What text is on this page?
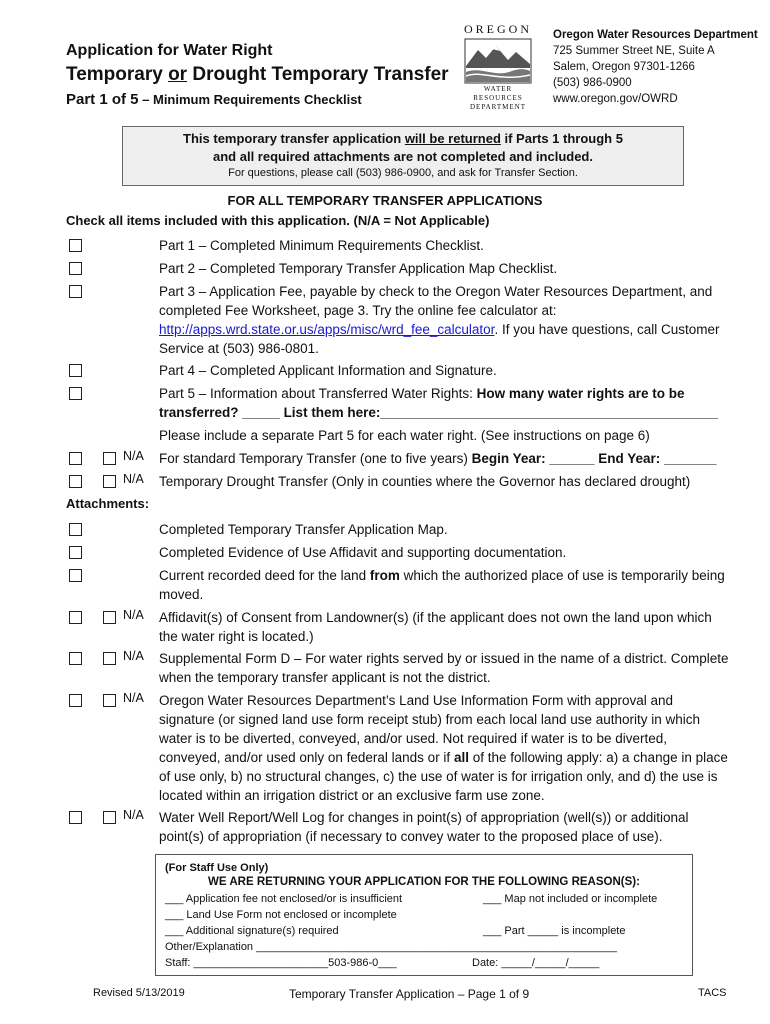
Application for Water Right
Temporary or Drought Temporary Transfer
Part 1 of 5 – Minimum Requirements Checklist
OREGON
WATER RESOURCES
DEPARTMENT
Oregon Water Resources Department
725 Summer Street NE, Suite A
Salem, Oregon 97301-1266
(503) 986-0900
www.oregon.gov/OWRD
This temporary transfer application will be returned if Parts 1 through 5
and all required attachments are not completed and included.
For questions, please call (503) 986-0900, and ask for Transfer Section.
FOR ALL TEMPORARY TRANSFER APPLICATIONS
Check all items included with this application. (N/A = Not Applicable)
Part 1 – Completed Minimum Requirements Checklist.
Part 2 – Completed Temporary Transfer Application Map Checklist.
Part 3 – Application Fee, payable by check to the Oregon Water Resources Department, and completed Fee Worksheet, page 3. Try the online fee calculator at: http://apps.wrd.state.or.us/apps/misc/wrd_fee_calculator. If you have questions, call Customer Service at (503) 986-0801.
Part 4 – Completed Applicant Information and Signature.
Part 5 – Information about Transferred Water Rights: How many water rights are to be transferred? _____ List them here:_____________________________________________
Please include a separate Part 5 for each water right. (See instructions on page 6)
N/A For standard Temporary Transfer (one to five years) Begin Year: ______ End Year: _______
N/A Temporary Drought Transfer (Only in counties where the Governor has declared drought)
Attachments:
Completed Temporary Transfer Application Map.
Completed Evidence of Use Affidavit and supporting documentation.
Current recorded deed for the land from which the authorized place of use is temporarily being moved.
N/A Affidavit(s) of Consent from Landowner(s) (if the applicant does not own the land upon which the water right is located.)
N/A Supplemental Form D – For water rights served by or issued in the name of a district. Complete when the temporary transfer applicant is not the district.
N/A Oregon Water Resources Department’s Land Use Information Form with approval and signature (or signed land use form receipt stub) from each local land use authority in which water is to be diverted, conveyed, and/or used. Not required if water is to be diverted, conveyed, and/or used only on federal lands or if all of the following apply: a) a change in place of use only, b) no structural changes, c) the use of water is for irrigation only, and d) the use is located within an irrigation district or an exclusive farm use zone.
N/A Water Well Report/Well Log for changes in point(s) of appropriation (well(s)) or additional point(s) of appropriation (if necessary to convey water to the proposed place of use).
(For Staff Use Only)
WE ARE RETURNING YOUR APPLICATION FOR THE FOLLOWING REASON(S):
___ Application fee not enclosed/or is insufficient	___ Map not included or incomplete
___ Land Use Form not enclosed or incomplete
___ Additional signature(s) required	___ Part _____ is incomplete
Other/Explanation ___________________________________________________________
Staff: ______________________503-986-0___	Date: _____/_____/_____
Revised 5/13/2019	Temporary Transfer Application – Page 1 of 9	TACS
